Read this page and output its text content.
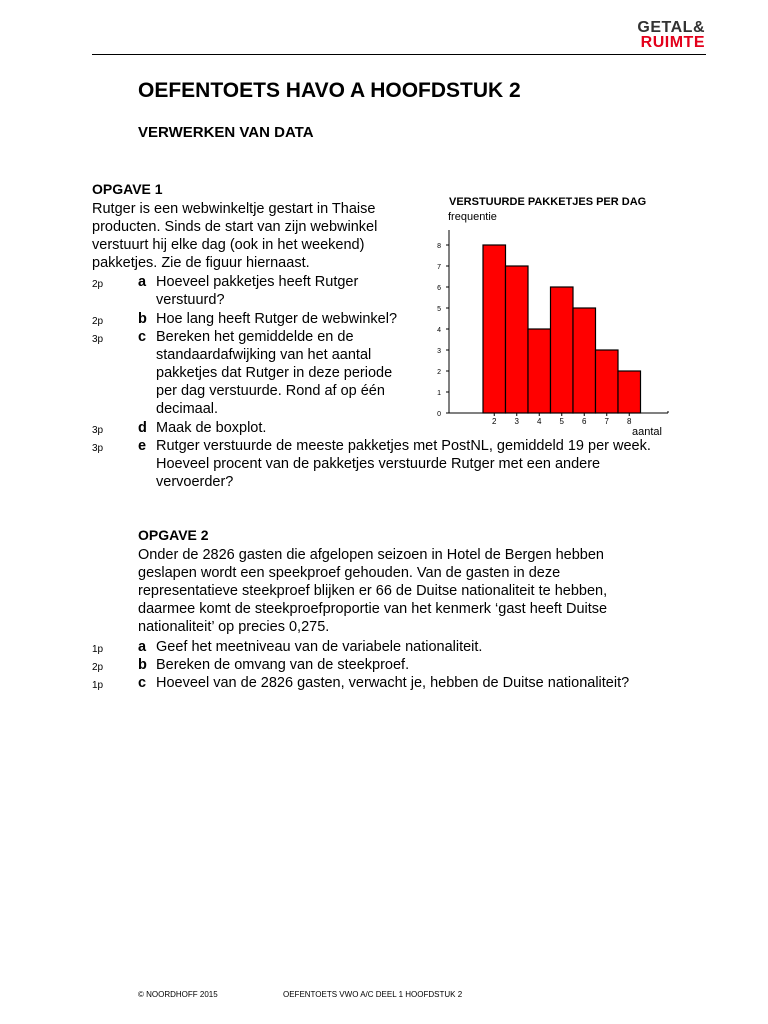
GETAL&
RUIMTE
OEFENTOETS HAVO A HOOFDSTUK 2
VERWERKEN VAN DATA
OPGAVE 1
Rutger is een webwinkeltje gestart in Thaise
producten. Sinds de start van zijn webwinkel
verstuurt hij elke dag (ook in het weekend)
pakketjes. Zie de figuur hiernaast.
2p a Hoeveel pakketjes heeft Rutger
verstuurd?
2p b Hoe lang heeft Rutger de webwinkel?
3p c Bereken het gemiddelde en de
standaardafwijking van het aantal
pakketjes dat Rutger in deze periode
per dag verstuurde. Rond af op één
decimaal.
3p d Maak de boxplot.
3p e Rutger verstuurde de meeste pakketjes met PostNL, gemiddeld 19 per week.
Hoeveel procent van de pakketjes verstuurde Rutger met een andere
vervoerder?
VERSTUURDE PAKKETJES PER DAG
frequentie
aantal
0
1
2
3
4
5
6
7
8
2 3 4 5 6 7 8
OPGAVE 2
Onder de 2826 gasten die afgelopen seizoen in Hotel de Bergen hebben
geslapen wordt een speekproef gehouden. Van de gasten in deze
representatieve steekproef blijken er 66 de Duitse nationaliteit te hebben,
daarmee komt de steekproefproportie van het kenmerk ‘gast heeft Duitse
nationaliteit’ op precies 0,275.
1p a Geef het meetniveau van de variabele nationaliteit.
2p b Bereken de omvang van de steekproef.
1p c Hoeveel van de 2826 gasten, verwacht je, hebben de Duitse nationaliteit?
© NOORDHOFF 2015	OEFENTOETS VWO A/C DEEL 1 HOOFDSTUK 2
